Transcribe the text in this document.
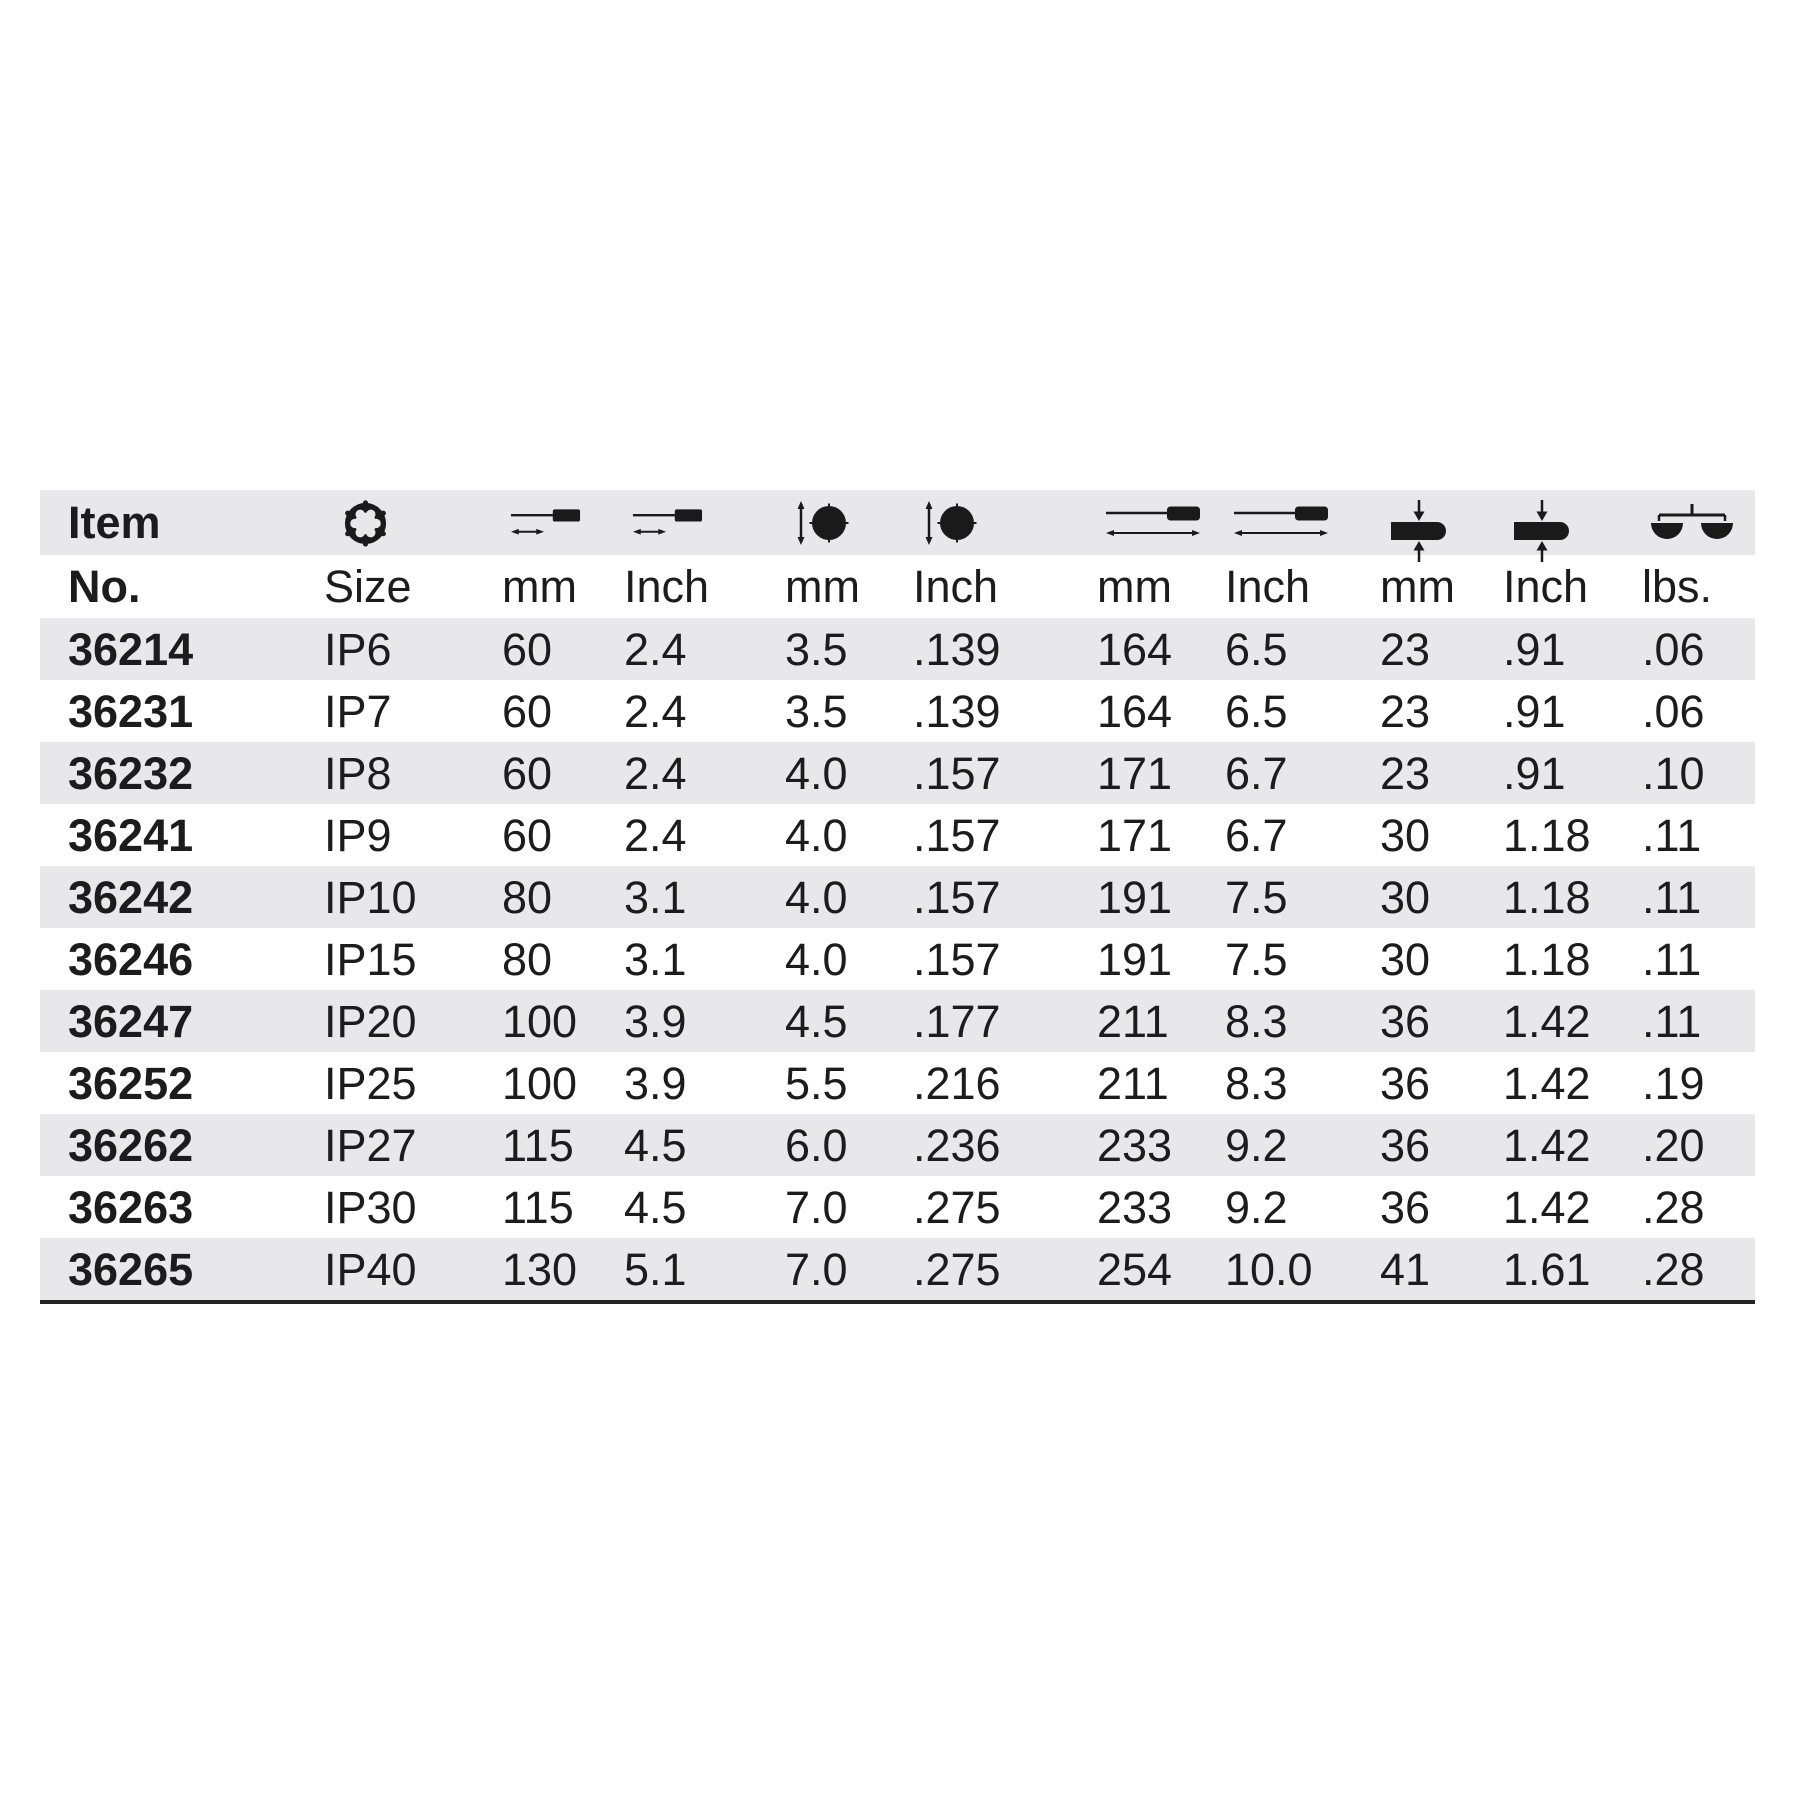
Item
No.	Size	mm	Inch	mm	Inch	mm	Inch	mm	Inch	lbs.
36214	IP6	60	2.4	3.5	.139	164	6.5	23	.91	.06
36231	IP7	60	2.4	3.5	.139	164	6.5	23	.91	.06
36232	IP8	60	2.4	4.0	.157	171	6.7	23	.91	.10
36241	IP9	60	2.4	4.0	.157	171	6.7	30	1.18	.11
36242	IP10	80	3.1	4.0	.157	191	7.5	30	1.18	.11
36246	IP15	80	3.1	4.0	.157	191	7.5	30	1.18	.11
36247	IP20	100	3.9	4.5	.177	211	8.3	36	1.42	.11
36252	IP25	100	3.9	5.5	.216	211	8.3	36	1.42	.19
36262	IP27	115	4.5	6.0	.236	233	9.2	36	1.42	.20
36263	IP30	115	4.5	7.0	.275	233	9.2	36	1.42	.28
36265	IP40	130	5.1	7.0	.275	254	10.0	41	1.61	.28
